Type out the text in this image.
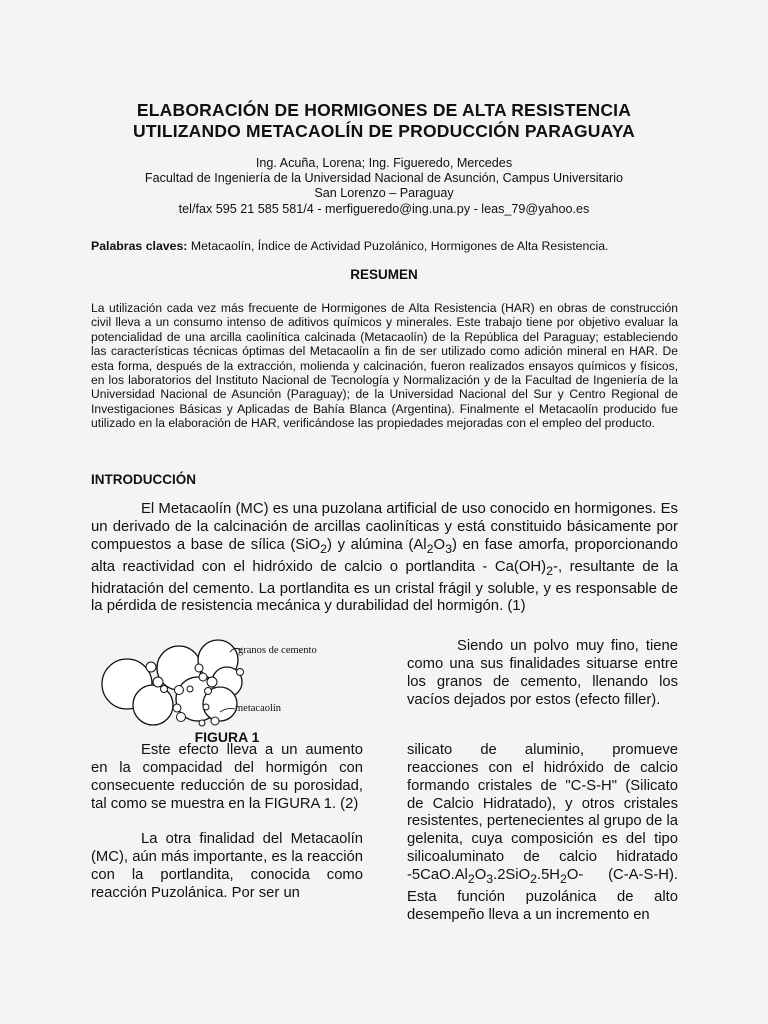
ELABORACIÓN DE HORMIGONES DE ALTA RESISTENCIA
UTILIZANDO METACAOLÍN DE PRODUCCIÓN PARAGUAYA
Ing. Acuña, Lorena; Ing. Figueredo, Mercedes
Facultad de Ingeniería de la Universidad Nacional de Asunción, Campus Universitario
San Lorenzo – Paraguay
tel/fax 595 21 585 581/4 - merfigueredo@ing.una.py - leas_79@yahoo.es
Palabras claves: Metacaolín, Índice de Actividad Puzolánico, Hormigones de Alta Resistencia.
RESUMEN
La utilización cada vez más frecuente de Hormigones de Alta Resistencia (HAR) en obras de construcción civil lleva a un consumo intenso de aditivos químicos y minerales. Este trabajo tiene por objetivo evaluar la potencialidad de una arcilla caolinítica calcinada (Metacaolín) de la República del Paraguay; estableciendo las características técnicas óptimas del Metacaolín a fin de ser utilizado como adición mineral en HAR. De esta forma, después de la extracción, molienda y calcinación, fueron realizados ensayos químicos y físicos, en los laboratorios del Instituto Nacional de Tecnología y Normalización y de la Facultad de Ingeniería de la Universidad Nacional de Asunción (Paraguay); de la Universidad Nacional del Sur y Centro Regional de Investigaciones Básicas y Aplicadas de Bahía Blanca (Argentina). Finalmente el Metacaolín producido fue utilizado en la elaboración de HAR, verificándose las propiedades mejoradas con el empleo del producto.
INTRODUCCIÓN
El Metacaolín (MC) es una puzolana artificial de uso conocido en hormigones. Es un derivado de la calcinación de arcillas caoliníticas y está constituido básicamente por compuestos a base de sílica (SiO$_2$) y alúmina $(Al_2O_3)$ en fase amorfa, proporcionando alta reactividad con el hidróxido de calcio o portlandita - $Ca(OH)_2-$, resultante de la hidratación del cemento. La portlandita es un cristal frágil y soluble, y es responsable de la pérdida de resistencia mecánica y durabilidad del hormigón. (1)
granos de cemento
metacaolín
FIGURA 1

Este efecto lleva a un aumento en la compacidad del hormigón con consecuente reducción de su porosidad, tal como se muestra en la FIGURA 1. (2)

La otra finalidad del Metacaolín (MC), aún más importante, es la reacción con la portlandita, conocida como reacción Puzolánica. Por ser un

Siendo un polvo muy fino, tiene como una sus finalidades situarse entre los granos de cemento, llenando los vacíos dejados por estos (efecto filler).

silicato de aluminio, promueve reacciones con el hidróxido de calcio formando cristales de "C-S-H" (Silicato de Calcio Hidratado), y otros cristales resistentes, pertenecientes al grupo de la gelenita, cuya composición es del tipo silicoaluminato de calcio hidratado $-5CaO.Al_2O_3.2SiO_2.5H_2O-$ (C-A-S-H). Esta función puzolánica de alto desempeño lleva a un incremento en
